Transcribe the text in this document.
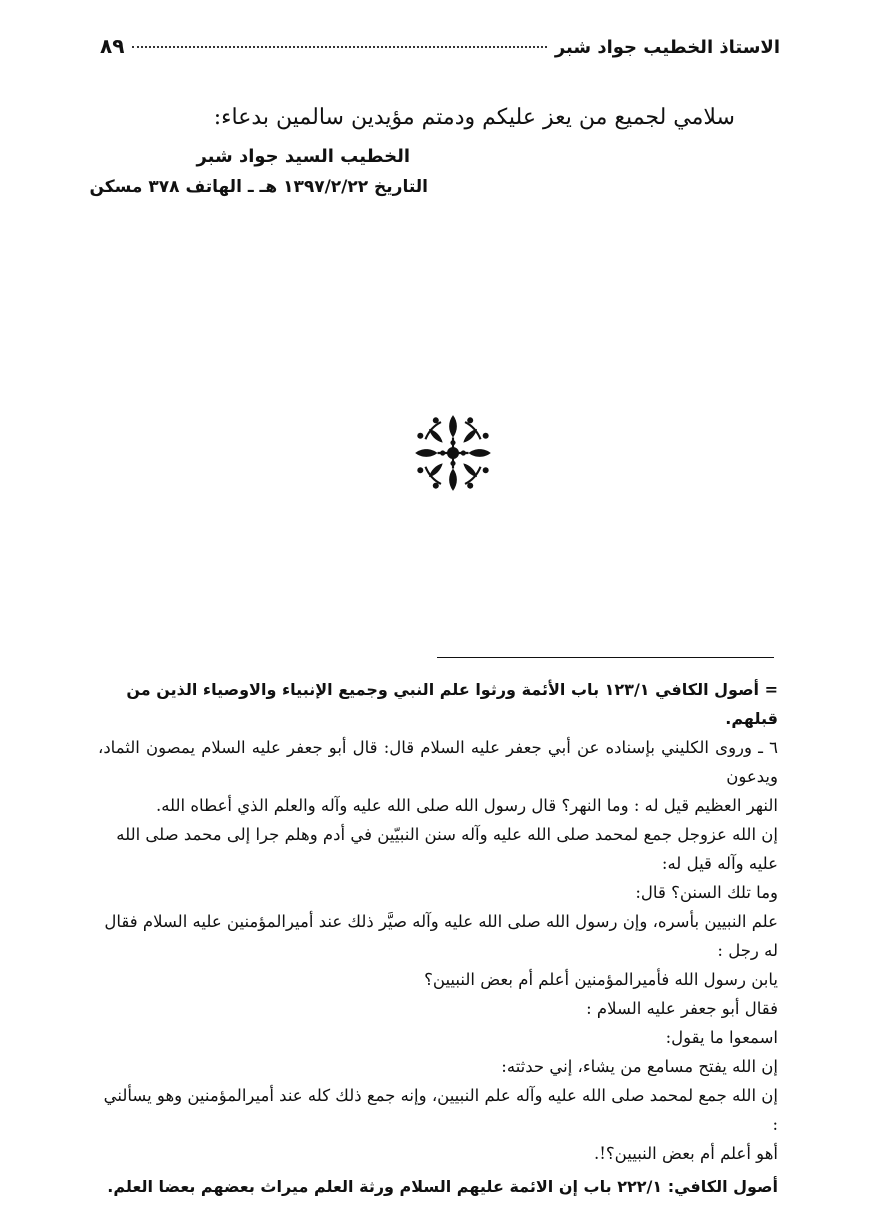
الاستاذ الخطيب جواد شبر
٨٩
سلامي لجميع من يعز عليكم ودمتم مؤيدين سالمين بدعاء:
الخطيب السيد جواد شبر
التاريخ ١٣٩٧/٢/٢٢ هـ ـ الهاتف ٣٧٨ مسكن

= أصول الكافي ١٢٣/١ باب الأئمة ورثوا علم النبي وجميع الإنبياء والاوصياء الذين من قبلهم.

٦ ـ وروى الكليني بإسناده عن أبي جعفر عليه السلام قال: قال أبو جعفر عليه السلام يمصون الثماد، ويدعون

النهر العظيم قيل له : وما النهر؟ قال رسول الله صلى الله عليه وآله والعلم الذي أعطاه الله.

إن الله عزوجل جمع لمحمد صلى الله عليه وآله سنن النبيّين في أدم وهلم جرا إلى محمد صلى الله عليه وآله قيل له:

وما تلك السنن؟ قال:

علم النبيين بأسره، وإن رسول الله صلى الله عليه وآله صيَّر ذلك عند أميرالمؤمنين عليه السلام فقال له رجل :

يابن رسول الله فأميرالمؤمنين أعلم أم بعض النبيين؟

فقال أبو جعفر عليه السلام :

اسمعوا ما يقول:

إن الله يفتح مسامع من يشاء، إني حدثته:

إن الله جمع لمحمد صلى الله عليه وآله علم النبيين، وإنه جمع ذلك كله عند أميرالمؤمنين وهو يسألني :

أهو أعلم أم بعض النبيين؟!.

أصول الكافي: ٢٢٢/١ باب إن الائمة عليهم السلام ورثة العلم ميراث بعضهم بعضا العلم.
